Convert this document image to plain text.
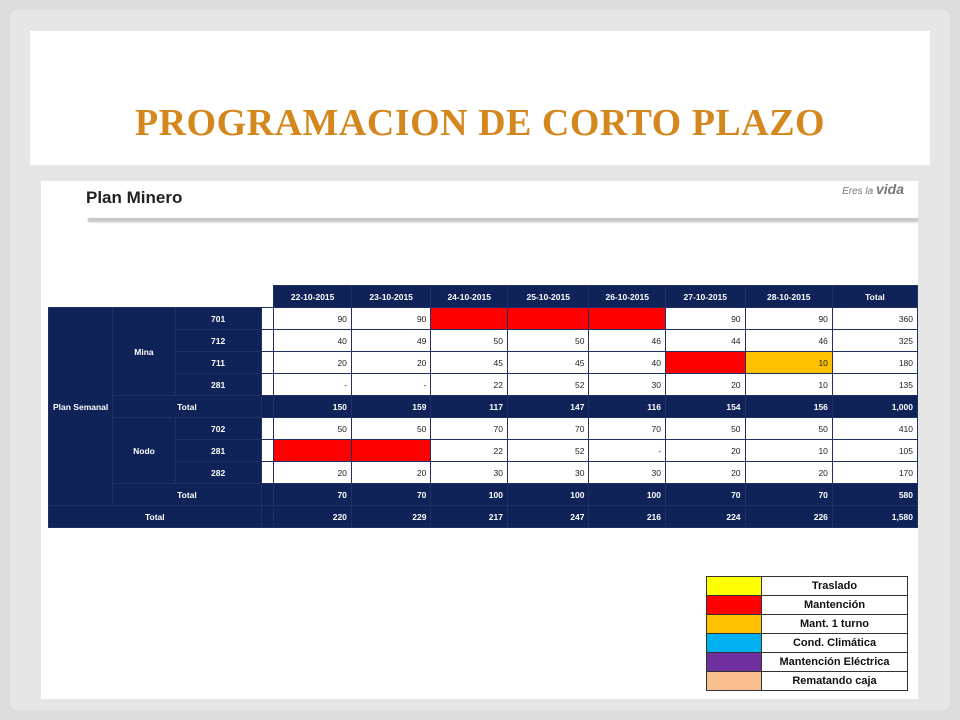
PROGRAMACION DE CORTO PLAZO
Plan Minero	Eres la vida
				22-10-2015	23-10-2015	24-10-2015	25-10-2015	26-10-2015	27-10-2015	28-10-2015	Total
Plan Semanal	Mina	701		90	90	-			90	90	360
		712		40	49	50	50	46	44	46	325
		711		20	20	45	45	40	-	10	180
		281		-	-	22	52	30	20	10	135
	Total			150	159	117	147	116	154	156	1,000
	Nodo	702		50	50	70	70	70	50	50	410
		281				22	52	-	20	10	105
		282		20	20	30	30	30	20	20	170
	Total			70	70	100	100	100	70	70	580
Total				220	229	217	247	216	224	226	1,580
	Traslado
	Mantención
	Mant. 1 turno
	Cond. Climática
	Mantención Eléctrica
	Rematando caja
